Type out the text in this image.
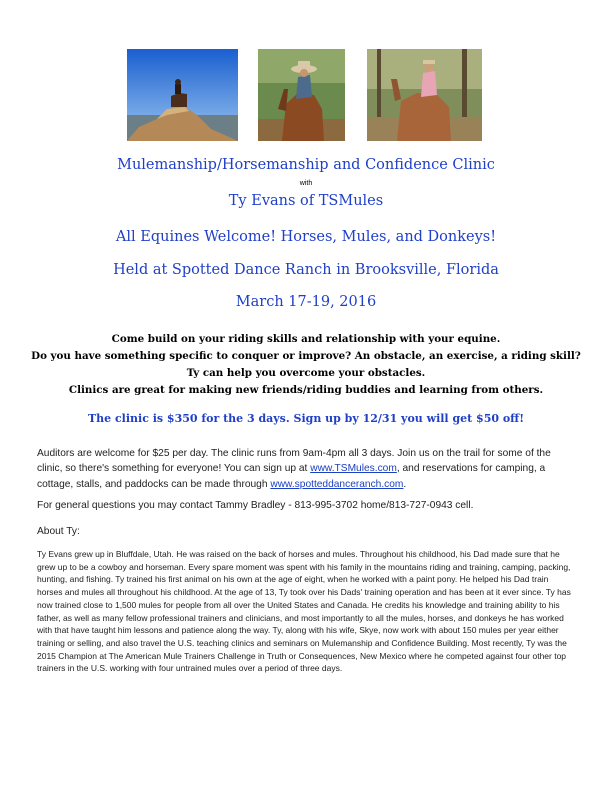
Mulemanship/Horsemanship and Confidence Clinic
with
Ty Evans of TSMules
All Equines Welcome! Horses, Mules, and Donkeys!
Held at Spotted Dance Ranch in Brooksville, Florida
March 17-19, 2016
Come build on your riding skills and relationship with your equine.
Do you have something specific to conquer or improve? An obstacle, an exercise, a riding skill?
Ty can help you overcome your obstacles.
Clinics are great for making new friends/riding buddies and learning from others.
The clinic is $350 for the 3 days. Sign up by 12/31 you will get $50 off!
Auditors are welcome for $25 per day. The clinic runs from 9am-4pm all 3 days. Join us on the trail for some of the clinic, so there's something for everyone! You can sign up at www.TSMules.com, and reservations for camping, a cottage, stalls, and paddocks can be made through www.spotteddanceranch.com.
For general questions you may contact Tammy Bradley - 813-995-3702 home/813-727-0943 cell.
About Ty:
Ty Evans grew up in Bluffdale, Utah. He was raised on the back of horses and mules. Throughout his childhood, his Dad made sure that he grew up to be a cowboy and horseman. Every spare moment was spent with his family in the mountains riding and training, camping, packing, hunting, and fishing. Ty trained his first animal on his own at the age of eight, when he worked with a paint pony. He helped his Dad train horses and mules all throughout his childhood. At the age of 13, Ty took over his Dads' training operation and has been at it ever since. Ty has now trained close to 1,500 mules for people from all over the United States and Canada. He credits his knowledge and training ability to his father, as well as many fellow professional trainers and clinicians, and most importantly to all the mules, horses, and donkeys he has worked with that have taught him lessons and patience along the way. Ty, along with his wife, Skye, now work with about 150 mules per year either training or selling, and also travel the U.S. teaching clinics and seminars on Mulemanship and Confidence Building. Most recently, Ty was the 2015 Champion at The American Mule Trainers Challenge in Truth or Consequences, New Mexico where he competed against four other top trainers in the U.S. working with four untrained mules over a period of three days.
